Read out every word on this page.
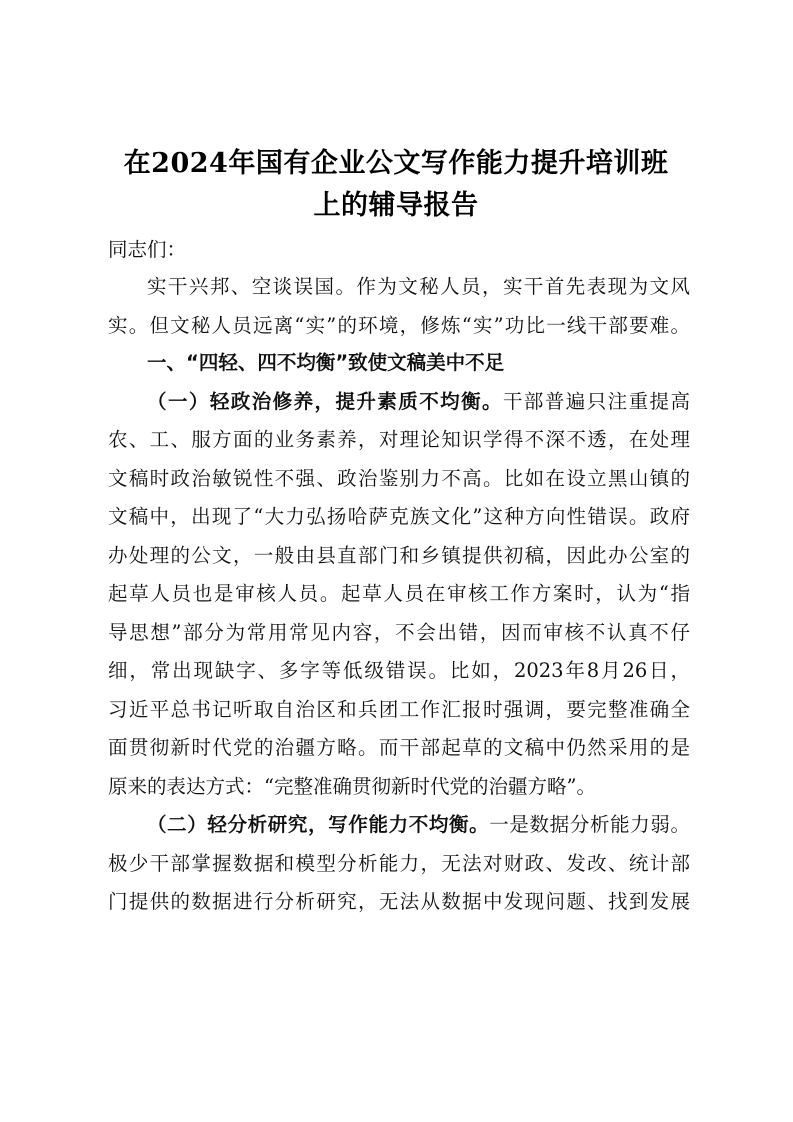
在2024年国有企业公文写作能力提升培训班
上的辅导报告
同志们：
实干兴邦、空谈误国。作为文秘人员，实干首先表现为文风
实。但文秘人员远离“实”的环境，修炼“实”功比一线干部要难。
一、“四轻、四不均衡”致使文稿美中不足
（一）轻政治修养，提升素质不均衡。干部普遍只注重提高
农、工、服方面的业务素养，对理论知识学得不深不透，在处理
文稿时政治敏锐性不强、政治鉴别力不高。比如在设立黑山镇的
文稿中，出现了“大力弘扬哈萨克族文化”这种方向性错误。政府
办处理的公文，一般由县直部门和乡镇提供初稿，因此办公室的
起草人员也是审核人员。起草人员在审核工作方案时，认为“指
导思想”部分为常用常见内容，不会出错，因而审核不认真不仔
细，常出现缺字、多字等低级错误。比如，2023年8月26日，
习近平总书记听取自治区和兵团工作汇报时强调，要完整准确全
面贯彻新时代党的治疆方略。而干部起草的文稿中仍然采用的是
原来的表达方式：“完整准确贯彻新时代党的治疆方略”。
（二）轻分析研究，写作能力不均衡。一是数据分析能力弱。
极少干部掌握数据和模型分析能力，无法对财政、发改、统计部
门提供的数据进行分析研究，无法从数据中发现问题、找到发展
